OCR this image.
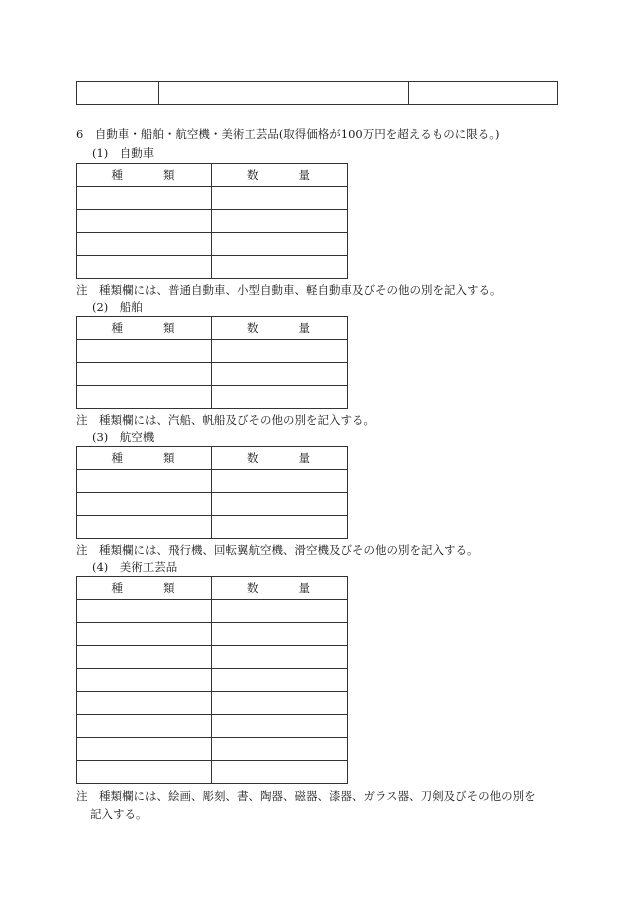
6　自動車・船舶・航空機・美術工芸品(取得価格が100万円を超えるものに限る。)
(1)　自動車
種 類	数 量

注　種類欄には、普通自動車、小型自動車、軽自動車及びその他の別を記入する。
(2)　船舶
種 類	数 量

注　種類欄には、汽船、帆船及びその他の別を記入する。
(3)　航空機
種 類	数 量

注　種類欄には、飛行機、回転翼航空機、滑空機及びその他の別を記入する。
(4)　美術工芸品
種 類	数 量

注　種類欄には、絵画、彫刻、書、陶器、磁器、漆器、ガラス器、刀剣及びその他の別を
記入する。
